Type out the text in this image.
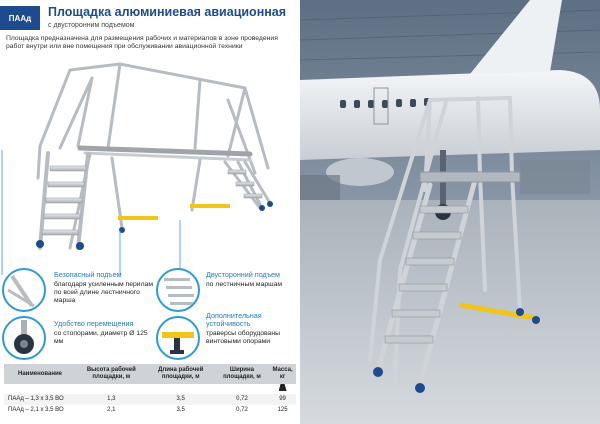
ПААд	Площадка алюминиевая авиационная
с двусторонним подъемом
Площадка предназначена для размещения рабочих и материалов в зоне проведения работ внутри или вне помещения при обслуживании авиационной техники
Безопасный подъем
благодаря усиленным перилам по всей длине лестничного марша
Удобство перемещения
со стопорами, диаметр Ø 125 мм
Двусторонний подъем
по лестничным маршам
Дополнительная устойчивость
траверсы оборудованы винтовыми опорами
Наименование	Высота рабочей площадки, м	Длина рабочей площадки, м	Ширина площадки, м	Масса, кг

ПААд – 1,3 х 3,5 ВО	1,3	3,5	0,72	99
ПААд – 2,1 х 3,5 ВО	2,1	3,5	0,72	125
